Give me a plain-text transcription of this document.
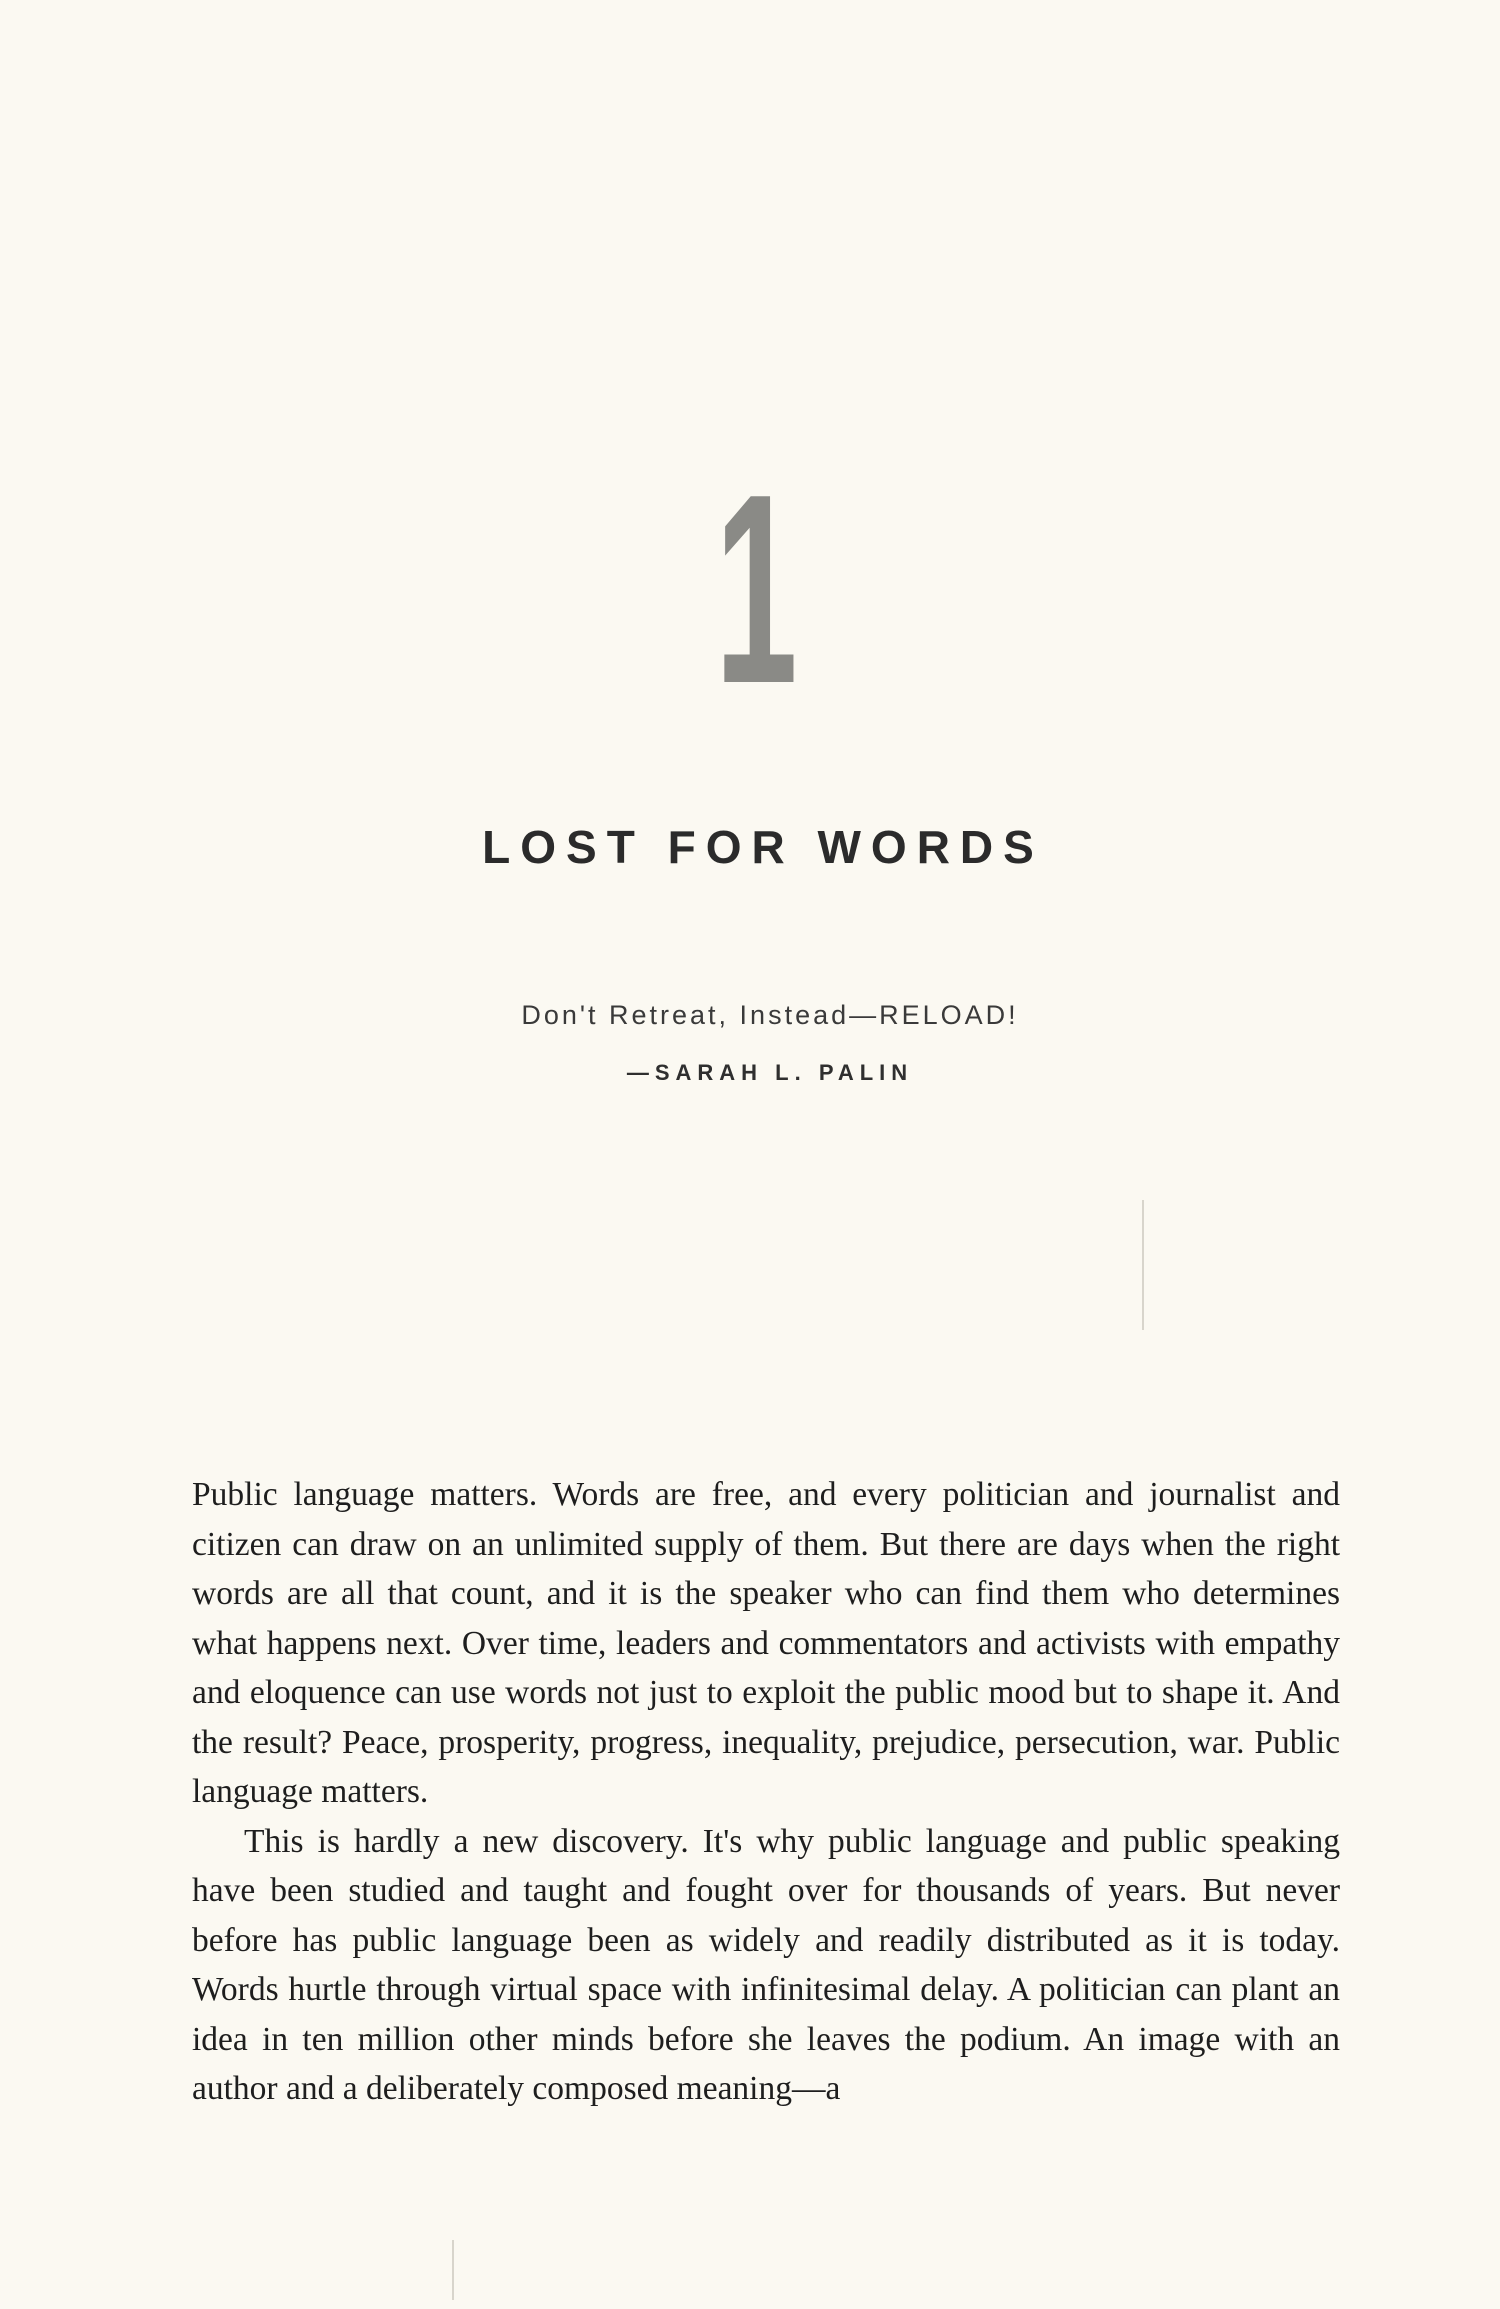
1
LOST FOR WORDS
Don't Retreat, Instead—RELOAD!
—SARAH L. PALIN

Public language matters. Words are free, and every politician and journalist and citizen can draw on an unlimited supply of them. But there are days when the right words are all that count, and it is the speaker who can find them who determines what happens next. Over time, leaders and commentators and activists with empathy and eloquence can use words not just to exploit the public mood but to shape it. And the result? Peace, prosperity, progress, inequality, prejudice, persecution, war. Public language matters.

This is hardly a new discovery. It's why public language and public speaking have been studied and taught and fought over for thousands of years. But never before has public language been as widely and readily distributed as it is today. Words hurtle through virtual space with infinitesimal delay. A politician can plant an idea in ten million other minds before she leaves the podium. An image with an author and a deliberately composed meaning—a
